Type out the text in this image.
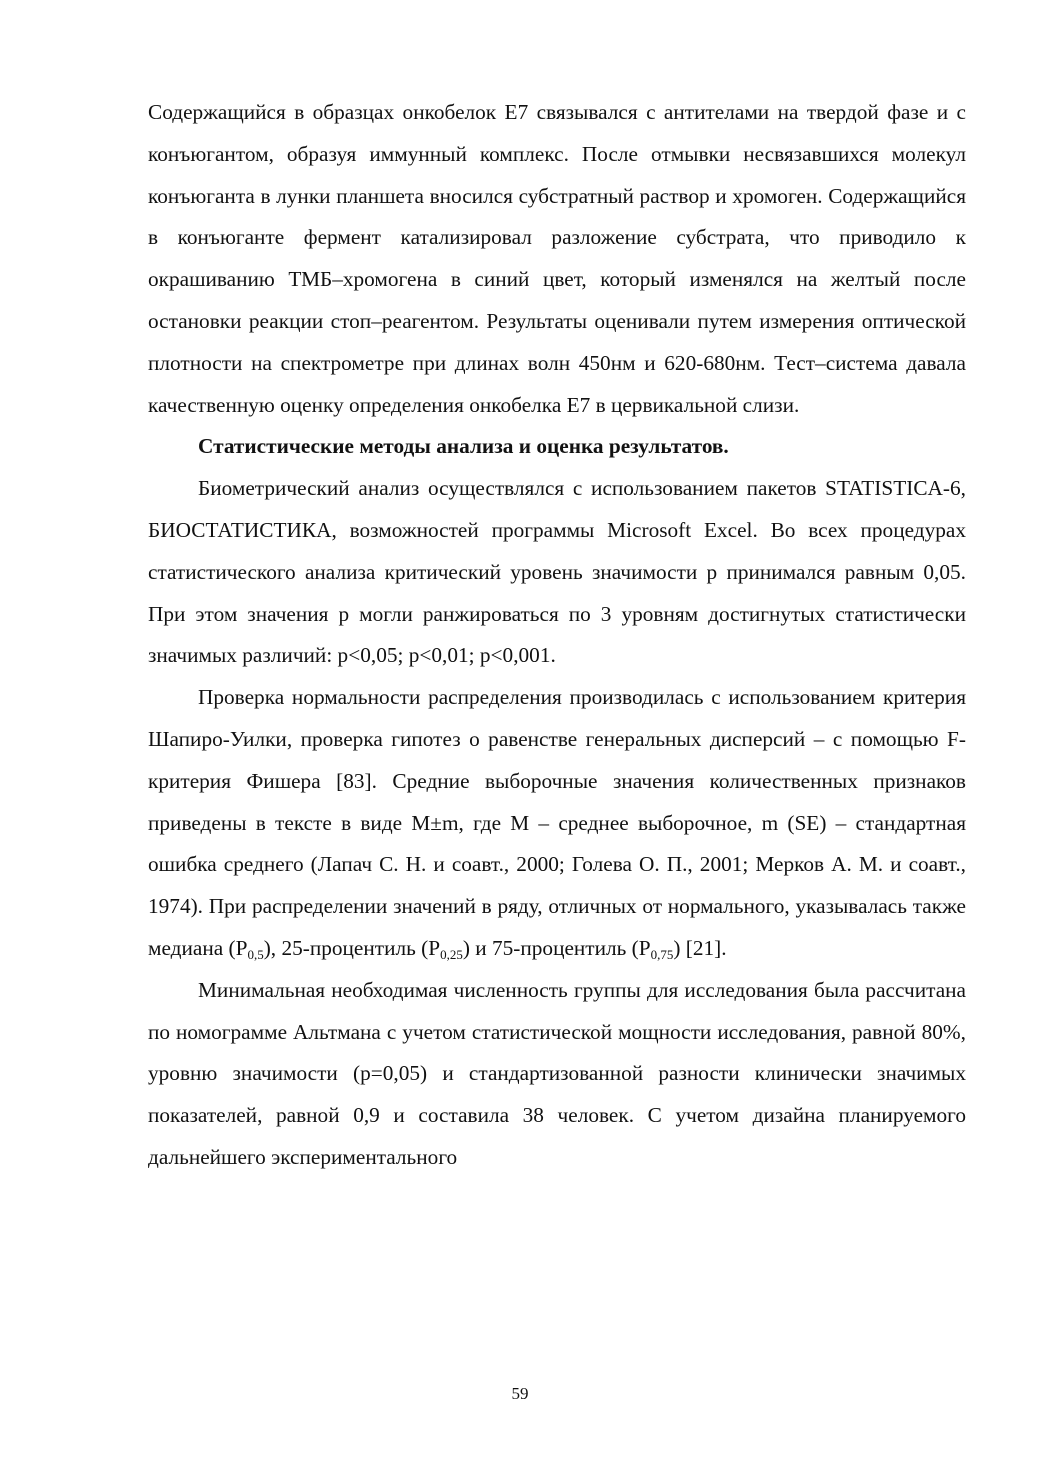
Содержащийся в образцах онкобелок Е7 связывался с антителами на твердой фазе и с конъюгантом, образуя иммунный комплекс. После отмывки несвязавшихся молекул конъюганта в лунки планшета вносился субстратный раствор и хромоген. Содержащийся в конъюганте фермент катализировал разложение субстрата, что приводило к окрашиванию ТМБ–хромогена в синий цвет, который изменялся на желтый после остановки реакции стоп–реагентом. Результаты оценивали путем измерения оптической плотности на спектрометре при длинах волн 450нм и 620-680нм. Тест–система давала качественную оценку определения онкобелка Е7 в цервикальной слизи.

Статистические методы анализа и оценка результатов.

Биометрический анализ осуществлялся с использованием пакетов STATISTICA-6, БИОСТАТИСТИКА, возможностей программы Microsoft Excel. Во всех процедурах статистического анализа критический уровень значимости р принимался равным 0,05. При этом значения р могли ранжироваться по 3 уровням достигнутых статистически значимых различий: p<0,05; p<0,01; p<0,001.

Проверка нормальности распределения производилась с использованием критерия Шапиро-Уилки, проверка гипотез о равенстве генеральных дисперсий – с помощью F-критерия Фишера [83]. Средние выборочные значения количественных признаков приведены в тексте в виде M±m, где M – среднее выборочное, m (SE) – стандартная ошибка среднего (Лапач С. Н. и соавт., 2000; Голева О. П., 2001; Мерков А. М. и соавт., 1974). При распределении значений в ряду, отличных от нормального, указывалась также медиана $(P_{0,5})$, 25-процентиль $(P_{0,25})$ и 75-процентиль $(P_{0,75})$ [21].

Минимальная необходимая численность группы для исследования была рассчитана по номограмме Альтмана с учетом статистической мощности исследования, равной 80%, уровню значимости (р=0,05) и стандартизованной разности клинически значимых показателей, равной 0,9 и составила 38 человек. С учетом дизайна планируемого дальнейшего экспериментального

59
